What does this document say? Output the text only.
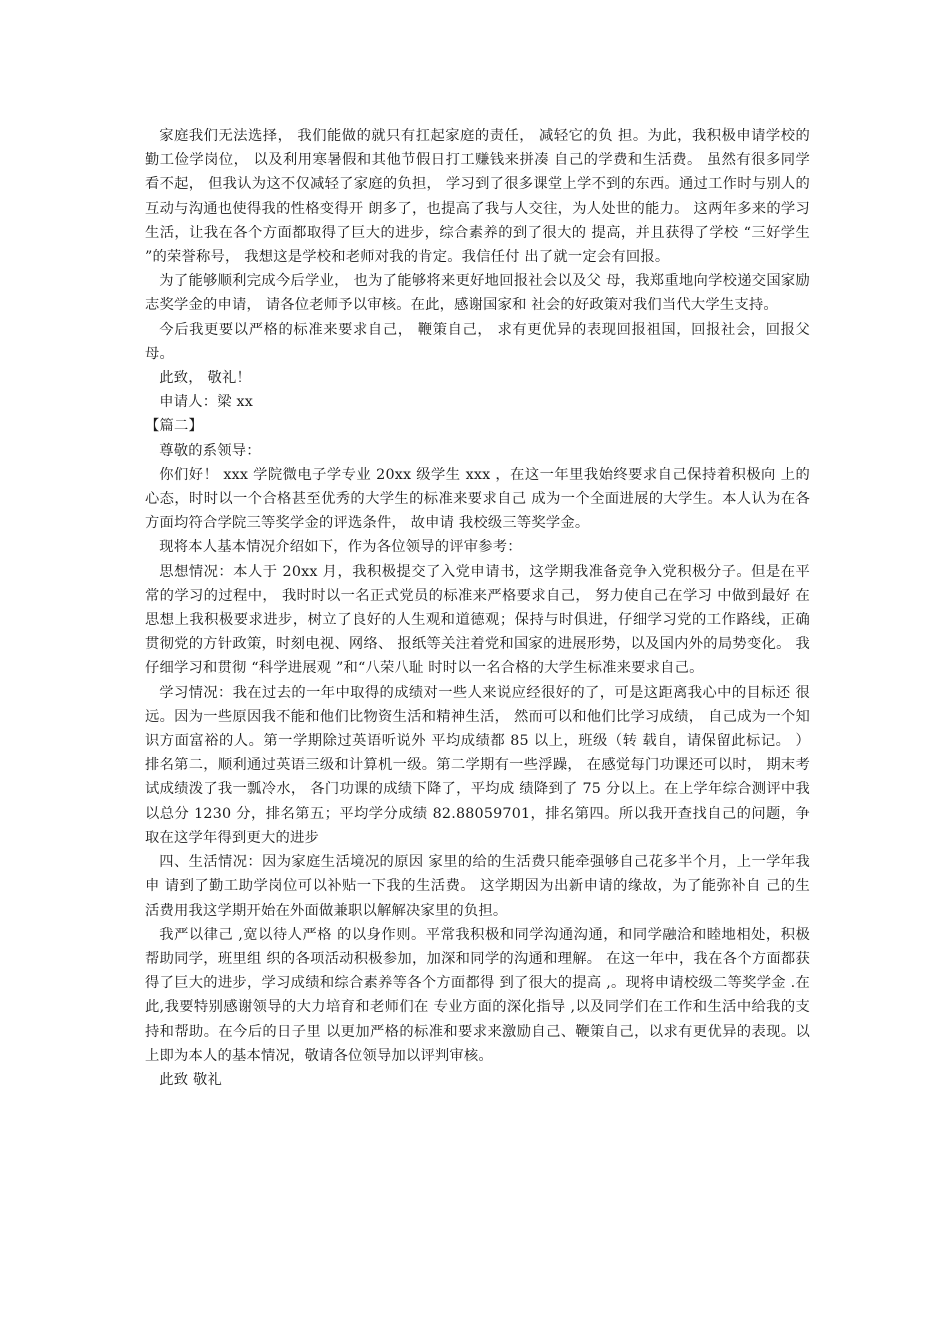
家庭我们无法选择， 我们能做的就只有扛起家庭的责任， 减轻它的负 担。为此，我积极申请学校的勤工俭学岗位， 以及利用寒暑假和其他节假日打工赚钱来拼凑 自己的学费和生活费。 虽然有很多同学看不起， 但我认为这不仅减轻了家庭的负担， 学习到了很多课堂上学不到的东西。通过工作时与别人的互动与沟通也使得我的性格变得开 朗多了，也提高了我与人交往，为人处世的能力。 这两年多来的学习生活，让我在各个方面都取得了巨大的进步，综合素养的到了很大的 提高，并且获得了学校 “三好学生 ”的荣誉称号， 我想这是学校和老师对我的肯定。我信任付 出了就一定会有回报。

为了能够顺利完成今后学业， 也为了能够将来更好地回报社会以及父 母，我郑重地向学校递交国家励志奖学金的申请， 请各位老师予以审核。在此，感谢国家和 社会的好政策对我们当代大学生支持。

今后我更要以严格的标准来要求自己， 鞭策自己， 求有更优异的表现回报祖国，回报社会，回报父母。

此致， 敬礼！

申请人：梁 xx

【篇二】

尊敬的系领导：

你们好！ xxx 学院微电子学专业 20xx 级学生 xxx ，在这一年里我始终要求自己保持着积极向 上的心态，时时以一个合格甚至优秀的大学生的标准来要求自己 成为一个全面进展的大学生。本人认为在各方面均符合学院三等奖学金的评选条件， 故申请 我校级三等奖学金。

现将本人基本情况介绍如下，作为各位领导的评审参考：

思想情况：本人于 20xx 月，我积极提交了入党申请书，这学期我准备竞争入党积极分子。但是在平常的学习的过程中， 我时时以一名正式党员的标准来严格要求自己， 努力使自己在学习 中做到最好 在思想上我积极要求进步，树立了良好的人生观和道德观；保持与时俱进，仔细学习党的工作路线，正确贯彻党的方针政策，时刻电视、网络、 报纸等关注着党和国家的进展形势，以及国内外的局势变化。 我仔细学习和贯彻 “科学进展观 ”和“八荣八耻 时时以一名合格的大学生标准来要求自己。

学习情况：我在过去的一年中取得的成绩对一些人来说应经很好的了，可是这距离我心中的目标还 很远。因为一些原因我不能和他们比物资生活和精神生活， 然而可以和他们比学习成绩， 自己成为一个知识方面富裕的人。第一学期除过英语听说外 平均成绩都 85 以上，班级（转 载自，请保留此标记。 ）排名第二，顺利通过英语三级和计算机一级。第二学期有一些浮躁， 在感觉每门功课还可以时， 期末考试成绩泼了我一瓢冷水， 各门功课的成绩下降了，平均成 绩降到了 75 分以上。在上学年综合测评中我以总分 1230 分，排名第五；平均学分成绩 82.88059701，排名第四。所以我开查找自己的问题，争取在这学年得到更大的进步

四、生活情况：因为家庭生活境况的原因 家里的给的生活费只能牵强够自己花多半个月，上一学年我申 请到了勤工助学岗位可以补贴一下我的生活费。 这学期因为出新申请的缘故，为了能弥补自 己的生活费用我这学期开始在外面做兼职以解解决家里的负担。

我严以律己 ,宽以待人严格 的以身作则。平常我积极和同学沟通沟通，和同学融洽和睦地相处，积极帮助同学，班里组 织的各项活动积极参加，加深和同学的沟通和理解。 在这一年中，我在各个方面都获得了巨大的进步，学习成绩和综合素养等各个方面都得 到了很大的提高 ,。现将申请校级二等奖学金 .在此,我要特别感谢领导的大力培育和老师们在 专业方面的深化指导 ,以及同学们在工作和生活中给我的支持和帮助。在今后的日子里 以更加严格的标准和要求来激励自己、鞭策自己，以求有更优异的表现。以上即为本人的基本情况，敬请各位领导加以评判审核。

此致 敬礼
